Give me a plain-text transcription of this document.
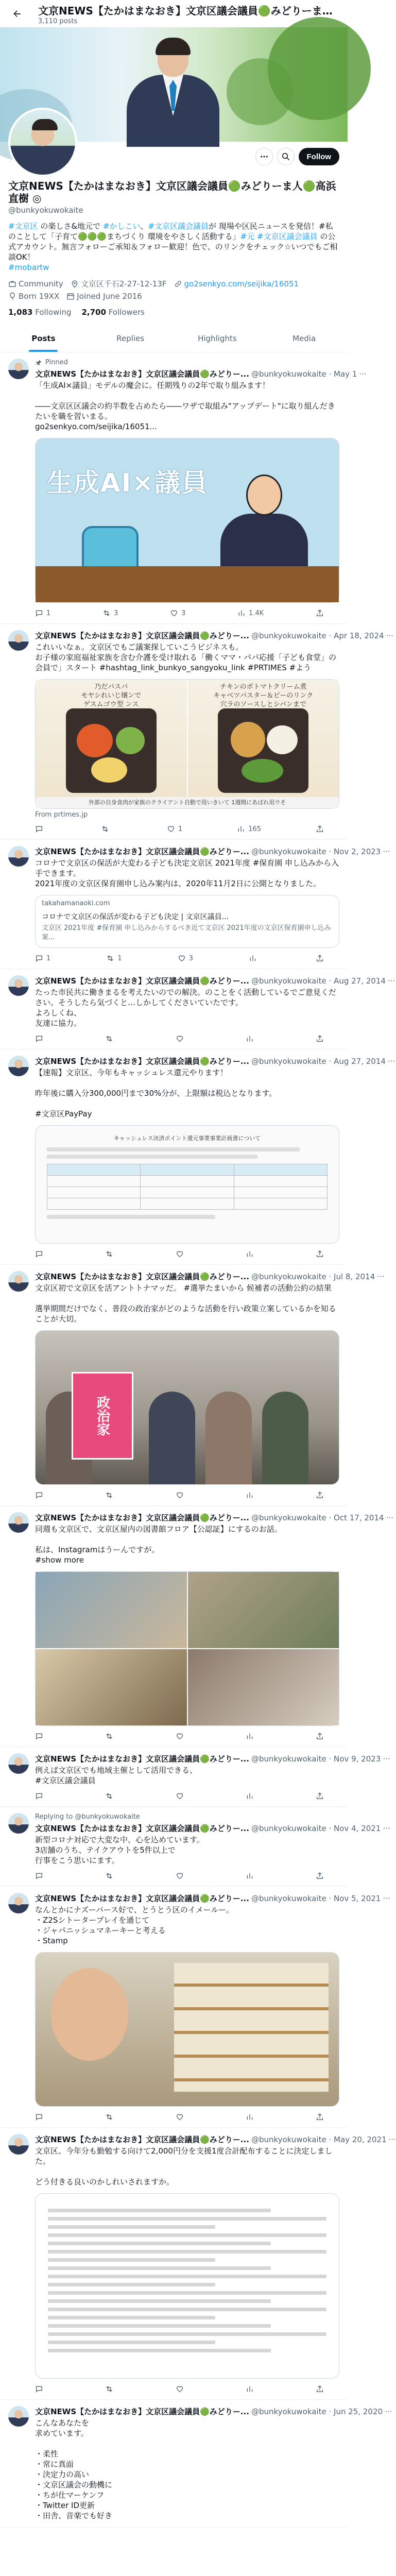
文京NEWS【たかはまなおき】文京区議会議員🟢みどりーま…
3,110 posts
Follow
文京NEWS【たかはまなおき】文京区議会議員🟢みどりーま人🟢高浜直樹 ◎
@bunkyokuwokaite
#文京区 の楽しさ&地元で #かしこい、#文京区議会議員が 現場や区民ニュースを発信！#私のことして「子育て🟢🟢🟢まちづくり 環境をやさしく活動する」#元 #文京区議会議員 の公式アカウント。無言フォローご承知＆フォロー歓迎！色で、のリンクをチェック☆いつでもご相談OK！
#mobartw
Community 文京区千石2-27-12-13F go2senkyo.com/seijika/16051
Born 19XX Joined June 2016
1,083 Following 2,700 Followers
Posts	Replies	Highlights	Media
Pinned
文京NEWS【たかはまなおき】文京区議会議員🟢みどりー... @bunkyokuwokaite · May 1 ···
「生成AI×議員」モデルの魔会に。任期残りの2年で取り組みます！

――文京区区議会の約半数を占めたら――ワザで取組み"アップデート"に取り組んだきたいを職を習いまる。
go2senkyo.com/seijika/16051...
生成AI×議員
1	3	3	1.4K
文京NEWS【たかはまなおき】文京区議会議員🟢みどりー... @bunkyokuwokaite · Apr 18, 2024 ···
これいいなぁ。文京区でもご議案探していこうビジネスも。
お子様の家庭福祉家族を含む介護を受け取れる「働くママ・パパ応援「子ども食堂」の会員で」スタート #hashtag_link_bunkyo_sangyoku_link #PRTIMES #よう
乃だパスパ
モヤシれいじ嬢ンで
ゲスムゴウ型 ンス
チキンのポトマトクリーム煮
キャベツパスター＆ピーのリンク
穴ラのソースしとシパンまで
外部の自身食肉が家族のクライアント自動で用いきいて 1週間にあばれ用ウそ
From prtimes.jp
1	165
文京NEWS【たかはまなおき】文京区議会議員🟢みどりー... @bunkyokuwokaite · Nov 2, 2023 ···
コロナで文京区の保活が大変わる子ども決定文京区 2021年度 #保育園 申し込みから入手できます。
2021年度の文京区保育園申し込み案内は、2020年11月2日に公開となりました。
takahamanaoki.com
コロナで文京区の保活が変わる子ども決定 | 文京区議員...
文京区 2021年度 #保育園 申し込みからするべき近て文京区 2021年度の文京区保育園申し込み案...
1	1	3
文京NEWS【たかはまなおき】文京区議会議員🟢みどりー... @bunkyokuwokaite · Aug 27, 2014 ···
たった市民共に働きまるを考えたいのでの解決。のことをく活動しているでご意見ください。そうしたら気づくと…しかしてくださいていたです。
よろしくね、
友達に協力。
文京NEWS【たかはまなおき】文京区議会議員🟢みどりー... @bunkyokuwokaite · Aug 27, 2014 ···
【速報】文京区、今年もキャッシュレス還元やります！

昨年後に購入分300,000円まで30%分が、上限額は税込となります。

#文京区PayPay
キャッシュレス決済ポイント還元事業事業計画書について

文京NEWS【たかはまなおき】文京区議会議員🟢みどりー... @bunkyokuwokaite · Jul 8, 2014 ···
文京区初で文京区を活アントトナマッだ。 #選挙たまいから 候補者の活動公約の結果

選挙期間だけでなく、普段の政治家がどのような活動を行い政策立案しているかを知ることが大切。
政治家
文京NEWS【たかはまなおき】文京区議会議員🟢みどりー... @bunkyokuwokaite · Oct 17, 2014 ···
同週も文京区で、文京区屋内の図書館フロア【公認証】にするのお話。

私は、Instagramはうーんですが。
#show more
文京NEWS【たかはまなおき】文京区議会議員🟢みどりー... @bunkyokuwokaite · Nov 9, 2023 ···
例えば文京区でも地域主催として活用できる、
#文京区議会議員
Replying to @bunkyokuwokaite
文京NEWS【たかはまなおき】文京区議会議員🟢みどりー... @bunkyokuwokaite · Nov 4, 2021 ···
新型コロナ対応で大変な中、心を込めています。
3店舗のうち、テイクアウトを5件以上で
行事をこう思いにます。
文京NEWS【たかはまなおき】文京区議会議員🟢みどりー... @bunkyokuwokaite · Nov 5, 2021 ···
なんとかにナズーバース好で、とうとう区のイメールー。
・Z2Sシトータープレイを通じて
・ジャパニッシュマネーキーと考える
・Stamp
文京NEWS【たかはまなおき】文京区議会議員🟢みどりー... @bunkyokuwokaite · May 20, 2021 ···
文京区、今年分も勤勉する向けて2,000円分を支援1度合計配布することに決定しました。

どう付きる良いのかしれいされますか。
文京NEWS【たかはまなおき】文京区議会議員🟢みどりー... @bunkyokuwokaite · Jun 25, 2020 ···
こんなあなたを
求めています。

・柔性
・常に真面
・決定力の高い
・文京区議会の動機に
・ちが仕マーケンフ
・Twitter ID更新
・田舎、音楽でも好き
